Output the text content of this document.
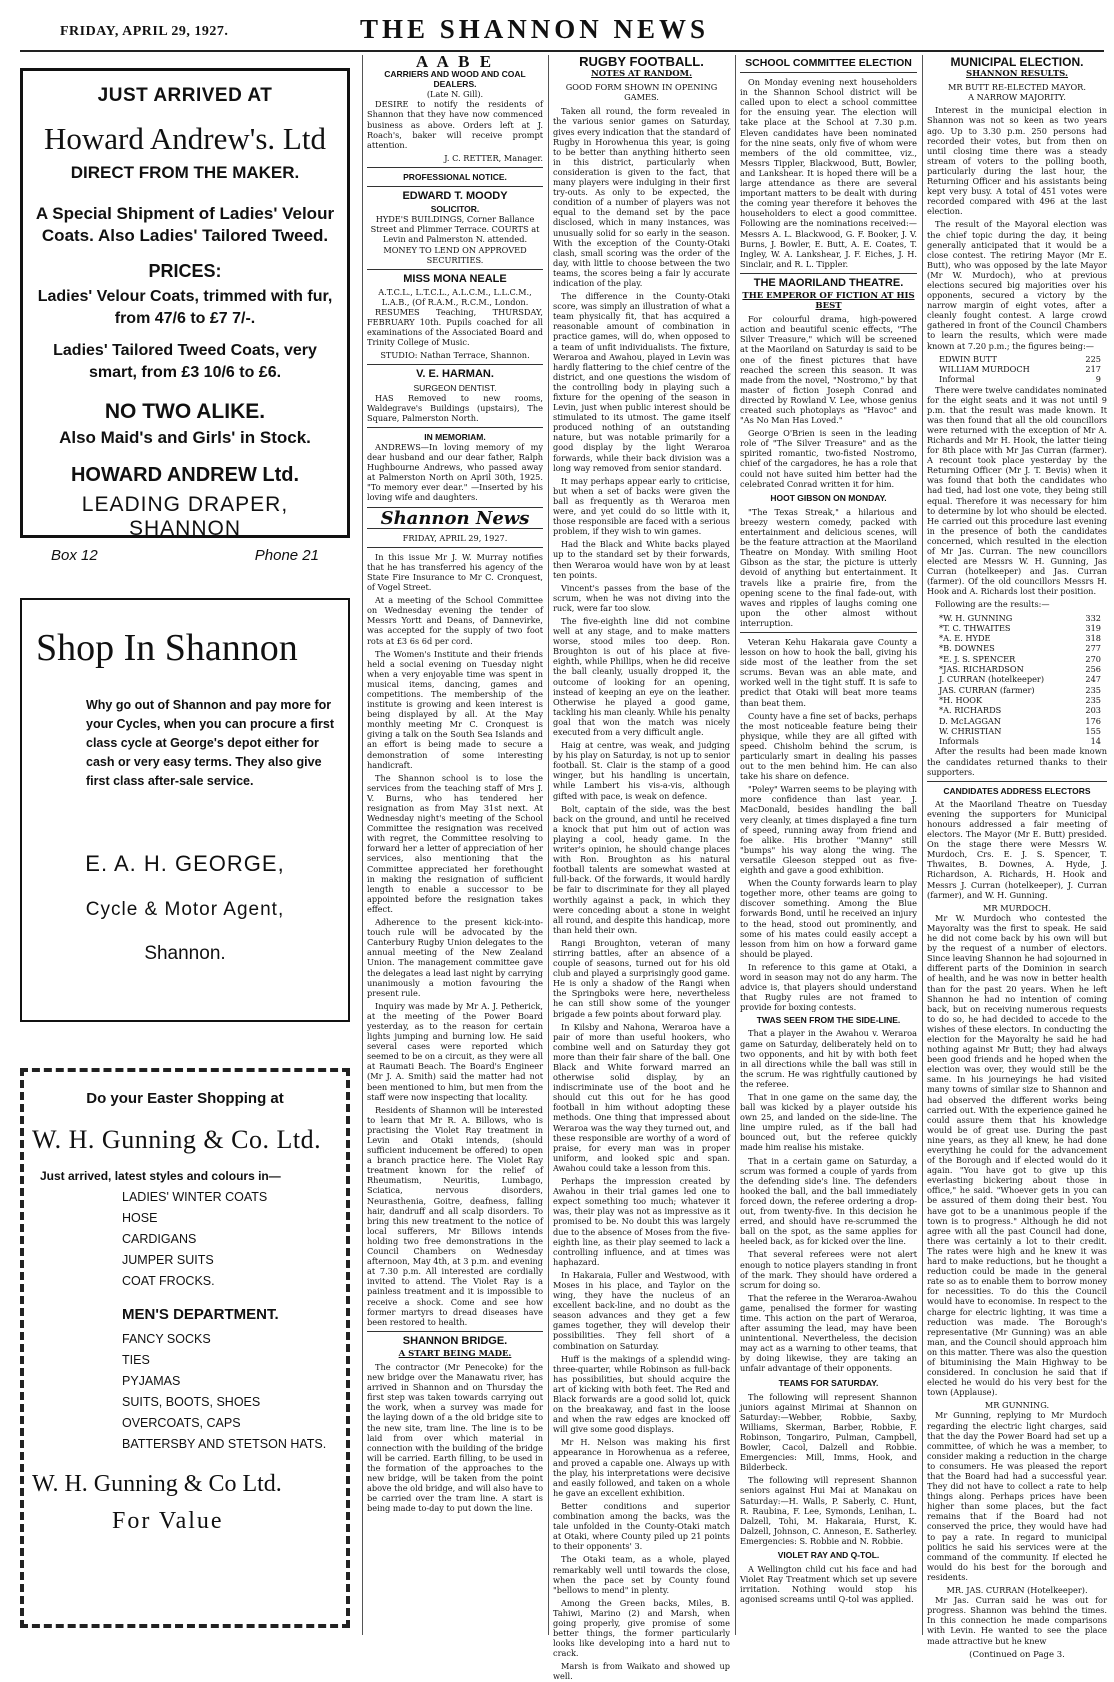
FRIDAY, APRIL 29, 1927.	THE SHANNON NEWS
JUST ARRIVED AT
Howard Andrew's. Ltd
DIRECT FROM THE MAKER.
A Special Shipment of Ladies' Velour Coats. Also Ladies' Tailored Tweed.
PRICES:
Ladies' Velour Coats, trimmed with fur, from 47/6 to £7 7/-.
Ladies' Tailored Tweed Coats, very smart, from £3 10/6 to £6.
NO TWO ALIKE.
Also Maid's and Girls' in Stock.
HOWARD ANDREW Ltd.
LEADING DRAPER, SHANNON
Box 12	Phone 21
Shop In Shannon
Why go out of Shannon and pay more for your Cycles, when you can procure a first class cycle at George's depot either for cash or very easy terms. They also give first class after-sale service.
E. A. H. GEORGE,
Cycle & Motor Agent,
Shannon.
Do your Easter Shopping at
W. H. Gunning & Co. Ltd.
Just arrived, latest styles and colours in—
LADIES' WINTER COATS
HOSE
CARDIGANS
JUMPER SUITS
COAT FROCKS.
MEN'S DEPARTMENT.
FANCY SOCKS
TIES
PYJAMAS
SUITS, BOOTS, SHOES
OVERCOATS, CAPS
BATTERSBY AND STETSON HATS.
W. H. Gunning & Co Ltd.
For Value
A A B E
CARRIERS AND WOOD AND COAL DEALERS.
(Late N. Gill).

DESIRE to notify the residents of Shannon that they have now commenced business as above. Orders left at J. Roach's, baker will receive prompt attention.

J. C. RETTER, Manager.
PROFESSIONAL NOTICE.
EDWARD T. MOODY
SOLICITOR.

HYDE'S BUILDINGS, Corner Ballance Street and Plimmer Terrace. COURTS at Levin and Palmerston N. attended. MONEY TO LEND ON APPROVED SECURITIES.

MISS MONA NEALE
A.T.C.L., L.T.C.L., A.L.C.M., L.L.C.M., L.A.B., (Of R.A.M., R.C.M., London.

RESUMES Teaching, THURSDAY, FEBRUARY 10th. Pupils coached for all examinations of the Associated Board and Trinity College of Music.

STUDIO: Nathan Terrace, Shannon.
V. E. HARMAN.
SURGEON DENTIST.

HAS Removed to new rooms, Waldegrave's Buildings (upstairs), The Square, Palmerston North.

IN MEMORIAM.

ANDREWS—In loving memory of my dear husband and our dear father, Ralph Hughbourne Andrews, who passed away at Palmerston North on April 30th, 1925. "To memory ever dear." —Inserted by his loving wife and daughters.

Shannon News
FRIDAY, APRIL 29, 1927.

In this issue Mr J. W. Murray notifies that he has transferred his agency of the State Fire Insurance to Mr C. Cronquest, of Vogel Street.

At a meeting of the School Committee on Wednesday evening the tender of Messrs Yortt and Deans, of Dannevirke, was accepted for the supply of two foot rots at £3 6s 6d per cord.

The Women's Institute and their friends held a social evening on Tuesday night when a very enjoyable time was spent in musical items, dancing, games and competitions. The membership of the institute is growing and keen interest is being displayed by all. At the May monthly meeting Mr C. Cronquest is giving a talk on the South Sea Islands and an effort is being made to secure a demonstration of some interesting handicraft.

The Shannon school is to lose the services from the teaching staff of Mrs J. V. Burns, who has tendered her resignation as from May 31st next. At Wednesday night's meeting of the School Committee the resignation was received with regret, the Committee resolving to forward her a letter of appreciation of her services, also mentioning that the Committee appreciated her forethought in making the resignation of sufficient length to enable a successor to be appointed before the resignation takes effect.

Adherence to the present kick-into-touch rule will be advocated by the Canterbury Rugby Union delegates to the annual meeting of the New Zealand Union. The management committee gave the delegates a lead last night by carrying unanimously a motion favouring the present rule.

Inquiry was made by Mr A. J. Petherick, at the meeting of the Power Board yesterday, as to the reason for certain lights jumping and burning low. He said several cases were reported which seemed to be on a circuit, as they were all at Raumati Beach. The Board's Engineer (Mr J. A. Smith) said the matter had not been mentioned to him, but men from the staff were now inspecting that locality.

Residents of Shannon will be interested to learn that Mr R. A. Billows, who is practising the Violet Ray treatment in Levin and Otaki intends, (should sufficient inducement be offered) to open a branch practice here. The Violet Ray treatment known for the relief of Rheumatism, Neuritis, Lumbago, Sciatica, nervous disorders, Neurasthenia, Goitre, deafness, falling hair, dandruff and all scalp disorders. To bring this new treatment to the notice of local sufferers, Mr Billows intends holding two free demonstrations in the Council Chambers on Wednesday afternoon, May 4th, at 3 p.m. and evening at 7.30 p.m. All interested are cordially invited to attend. The Violet Ray is a painless treatment and it is impossible to receive a shock. Come and see how former martyrs to dread diseases have been restored to health.

SHANNON BRIDGE.
A START BEING MADE.

The contractor (Mr Penecoke) for the new bridge over the Manawatu river, has arrived in Shannon and on Thursday the first step was taken towards carrying out the work, when a survey was made for the laying down of a the old bridge site to the new site, tram line. The line is to be laid from over which material in connection with the building of the bridge will be carried. Earth filling, to be used in the formation of the approaches to the new bridge, will be taken from the point above the old bridge, and will also have to be carried over the tram line. A start is being made to-day to put down the line.

RUGBY FOOTBALL.
NOTES AT RANDOM.
GOOD FORM SHOWN IN OPENING GAMES.

Taken all round, the form revealed in the various senior games on Saturday, gives every indication that the standard of Rugby in Horowhenua this year, is going to be better than anything hitherto seen in this district, particularly when consideration is given to the fact, that many players were indulging in their first try-outs. As only to be expected, the condition of a number of players was not equal to the demand set by the pace disclosed, which in many instances, was unusually solid for so early in the season. With the exception of the County-Otaki clash, small scoring was the order of the day, with little to choose between the two teams, the scores being a fair ly accurate indication of the play.

The difference in the County-Otaki score, was simply an illustration of what a team physically fit, that has acquired a reasonable amount of combination in practice games, will do, when opposed to a team of unfit individualists. The fixture, Weraroa and Awahou, played in Levin was hardly flattering to the chief centre of the district, and one questions the wisdom of the controlling body in playing such a fixture for the opening of the season in Levin, just when public interest should be stimulated to its utmost. The game itself produced nothing of an outstanding nature, but was notable primarily for a good display by the light Weraroa forwards, while their back division was a long way removed from senior standard.

It may perhaps appear early to criticise, but when a set of backs were given the ball as frequently as th Weraroa men were, and yet could do so little with it, those responsible are faced with a serious problem, if they wish to win games.

Had the Black and White backs played up to the standard set by their forwards, then Weraroa would have won by at least ten points.

Vincent's passes from the base of the scrum, when he was not diving into the ruck, were far too slow.

The five-eighth line did not combine well at any stage, and to make matters worse, stood miles too deep. Ron. Broughton is out of his place at five-eighth, while Phillips, when he did receive the ball cleanly, usually dropped it, the outcome of looking for an opening, instead of keeping an eye on the leather. Otherwise he played a good game, tackling his man cleanly. While his penalty goal that won the match was nicely executed from a very difficult angle.

Haig at centre, was weak, and judging by his play on Saturday, is not up to senior football. St. Clair is the stamp of a good winger, but his handling is uncertain, while Lambert his vis-a-vis, although gifted with pace, is weak on defence.

Bolt, captain of the side, was the best back on the ground, and until he received a knock that put him out of action was playing a cool, heady game. In the writer's opinion, he should change places with Ron. Broughton as his natural football talents are somewhat wasted at full-back. Of the forwards, it would hardly be fair to discriminate for they all played worthily against a pack, in which they were conceding about a stone in weight all round, and despite this handicap, more than held their own.

Rangi Broughton, veteran of many stirring battles, after an absence of a couple of seasons, turned out for his old club and played a surprisingly good game. He is only a shadow of the Rangi when the Springboks were here, nevertheless he can still show some of the younger brigade a few points about forward play.

In Kilsby and Nahona, Weraroa have a pair of more than useful hookers, who combine well and on Saturday they got more than their fair share of the ball. One Black and White forward marred an otherwise solid display, by an indiscriminate use of the boot and he should cut this out for he has good football in him without adopting these methods. One thing that impressed about Weraroa was the way they turned out, and these responsible are worthy of a word of praise, for every man was in proper uniform, and looked spic and span. Awahou could take a lesson from this.

Perhaps the impression created by Awahou in their trial games led one to expect something too much; whatever it was, their play was not as impressive as it promised to be. No doubt this was largely due to the absence of Moses from the five-eighth line, as their play seemed to lack a controlling influence, and at times was haphazard.

In Hakaraia, Fuller and Westwood, with Moses in his place, and Taylor on the wing, they have the nucleus of an excellent back-line, and no doubt as the season advances and they get a few games together, they will develop their possibilities. They fell short of a combination on Saturday.

Huff is the makings of a splendid wing-three-quarter, while Robinson as full-back has possibilities, but should acquire the art of kicking with both feet. The Red and Black forwards are a good solid lot, quick on the breakaway, and fast in the loose and when the raw edges are knocked off will give some good displays.

Mr H. Nelson was making his first appearance in Horowhenua as a referee, and proved a capable one. Always up with the play, his interpretations were decisive and easily followed, and taken on a whole he gave an excellent exhibition.

Better conditions and superior combination among the backs, was the tale unfolded in the County-Otaki match at Otaki, where County piled up 21 points to their opponents' 3.

The Otaki team, as a whole, played remarkably well until towards the close, when the pace set by County found "bellows to mend" in plenty.

Among the Green backs, Miles, B. Tahiwi, Marino (2) and Marsh, when going properly, give promise of some better things, the former particularly looks like developing into a hard nut to crack.

Marsh is from Waikato and showed up well.

SCHOOL COMMITTEE ELECTION

On Monday evening next householders in the Shannon School district will be called upon to elect a school committee for the ensuing year. The election will take place at the School at 7.30 p.m. Eleven candidates have been nominated for the nine seats, only five of whom were members of the old committee, viz., Messrs Tippler, Blackwood, Butt, Bowler, and Lankshear. It is hoped there will be a large attendance as there are several important matters to be dealt with during the coming year therefore it behoves the householders to elect a good committee. Following are the nominations received:—Messrs A. L. Blackwood, G. F. Booker, J. V. Burns, J. Bowler, E. Butt, A. E. Coates, T. Ingley, W. A. Lankshear, J. F. Eiches, J. H. Sinclair, and R. L. Tippler.

THE MAORILAND THEATRE.
THE EMPEROR OF FICTION AT HIS BEST

For colourful drama, high-powered action and beautiful scenic effects, "The Silver Treasure," which will be screened at the Maoriland on Saturday is said to be one of the finest pictures that have reached the screen this season. It was made from the novel, "Nostromo," by that master of fiction Joseph Conrad and directed by Rowland V. Lee, whose genius created such photoplays as "Havoc" and "As No Man Has Loved."

George O'Brien is seen in the leading role of "The Silver Treasure" and as the spirited romantic, two-fisted Nostromo, chief of the cargadores, he has a role that could not have suited him better had the celebrated Conrad written it for him.

HOOT GIBSON ON MONDAY.

"The Texas Streak," a hilarious and breezy western comedy, packed with entertainment and delicious scenes, will be the feature attraction at the Maoriland Theatre on Monday. With smiling Hoot Gibson as the star, the picture is utterly devoid of anything but entertainment. It travels like a prairie fire, from the opening scene to the final fade-out, with waves and ripples of laughs coming one upon the other almost without interruption.

Veteran Kehu Hakaraia gave County a lesson on how to hook the ball, giving his side most of the leather from the set scrums. Bevan was an able mate, and worked well in the tight stuff. It is safe to predict that Otaki will beat more teams than beat them.

County have a fine set of backs, perhaps the most noticeable feature being their physique, while they are all gifted with speed. Chisholm behind the scrum, is particularly smart in dealing his passes out to the men behind him. He can also take his share on defence.

"Poley" Warren seems to be playing with more confidence than last year. J. MacDonald, besides handling the ball very cleanly, at times displayed a fine turn of speed, running away from friend and foe alike. His brother "Manny" still "bumps" his way along the wing. The versatile Gleeson stepped out as five-eighth and gave a good exhibition.

When the County forwards learn to play together more, other teams are going to discover something. Among the Blue forwards Bond, until he received an injury to the head, stood out prominently, and some of his mates could easily accept a lesson from him on how a forward game should be played.

In reference to this game at Otaki, a word in season may not do any harm. The advice is, that players should understand that Rugby rules are not framed to provide for boxing contests.

TWAS SEEN FROM THE SIDE-LINE.

That a player in the Awahou v. Weraroa game on Saturday, deliberately held on to two opponents, and hit by with both feet in all directions while the ball was still in the scrum. He was rightfully cautioned by the referee.

That in one game on the same day, the ball was kicked by a player outside his own 25, and landed on the side-line. The line umpire ruled, as if the ball had bounced out, but the referee quickly made him realise his mistake.

That in a certain game on Saturday, a scrum was formed a couple of yards from the defending side's line. The defenders hooked the ball, and the ball immediately forced down, the referee ordering a drop-out, from twenty-five. In this decision he erred, and should have re-scrummed the ball on the spot, as the same applies for heeled back, as for kicked over the line.

That several referees were not alert enough to notice players standing in front of the mark. They should have ordered a scrum for doing so.

That the referee in the Weraroa-Awahou game, penalised the former for wasting time. This action on the part of Weraroa, after assuming the lead, may have been unintentional. Nevertheless, the decision may act as a warning to other teams, that by doing likewise, they are taking an unfair advantage of their opponents.

TEAMS FOR SATURDAY.

The following will represent Shannon juniors against Mirimai at Shannon on Saturday:—Webber, Robbie, Saxby, Williams, Skerman, Barber, Robbie, F. Robinson, Tongariro, Pulman, Campbell, Bowler, Cacol, Dalzell and Robbie. Emergencies: Mill, Imms, Hook, and Bilderbeck.

The following will represent Shannon seniors against Hui Mai at Manakau on Saturday:—H. Walls, P. Saberly, C. Hunt, R. Raubina, F. Lee, Symonds, Lenihan, L. Dalzell, Tohi, M. Hakaraia, Hurst, K. Dalzell, Johnson, C. Anneson, E. Satherley. Emergencies: S. Robbie and N. Robbie.

VIOLET RAY AND Q-TOL.

A Wellington child cut his face and had Violet Ray Treatment which set up severe irritation. Nothing would stop his agonised screams until Q-tol was applied.

MUNICIPAL ELECTION.
SHANNON RESULTS.
MR BUTT RE-ELECTED MAYOR.
A NARROW MAJORITY.

Interest in the municipal election in Shannon was not so keen as two years ago. Up to 3.30 p.m. 250 persons had recorded their votes, but from then on until closing time there was a steady stream of voters to the polling booth, particularly during the last hour, the Returning Officer and his assistants being kept very busy. A total of 451 votes were recorded compared with 496 at the last election.

The result of the Mayoral election was the chief topic during the day, it being generally anticipated that it would be a close contest. The retiring Mayor (Mr E. Butt), who was opposed by the late Mayor (Mr W. Murdoch), who at previous elections secured big majorities over his opponents, secured a victory by the narrow margin of eight votes, after a cleanly fought contest. A large crowd gathered in front of the Council Chambers to learn the results, which were made known at 7.20 p.m.; the figures being:—

EDWIN BUTT	225
WILLIAM MURDOCH	217
Informal	9

There were twelve candidates nominated for the eight seats and it was not until 9 p.m. that the result was made known. It was then found that all the old councillors were returned with the exception of Mr A. Richards and Mr H. Hook, the latter tieing for 8th place with Mr Jas Curran (farmer). A recount took place yesterday by the Returning Officer (Mr J. T. Bevis) when it was found that both the candidates who had tied, had lost one vote, they being still equal. Therefore it was necessary for him to determine by lot who should be elected. He carried out this procedure last evening in the presence of both the candidates concerned, which resulted in the election of Mr Jas. Curran. The new councillors elected are Messrs W. H. Gunning, Jas Curran (hotelkeeper) and Jas. Curran (farmer). Of the old councillors Messrs H. Hook and A. Richards lost their position.

Following are the results:—

*W. H. GUNNING	332
*T. C. THWAITES	319
*A. E. HYDE	318
*B. DOWNES	277
*E. J. S. SPENCER	270
*JAS. RICHARDSON	256
J. CURRAN (hotelkeeper)	247
JAS. CURRAN (farmer)	235
*H. HOOK	235
*A. RICHARDS	203
D. McLAGGAN	176
W. CHRISTIAN	155
Informals	14

After the results had been made known the candidates returned thanks to their supporters.

CANDIDATES ADDRESS ELECTORS

At the Maoriland Theatre on Tuesday evening the supporters for Municipal honours addressed a fair meeting of electors. The Mayor (Mr E. Butt) presided. On the stage there were Messrs W. Murdoch, Crs. E. J. S. Spencer, T. Thwaites, B. Downes, A. Hyde, J. Richardson, A. Richards, H. Hook and Messrs J. Curran (hotelkeeper), J. Curran (farmer), and W. H. Gunning.

MR MURDOCH.

Mr W. Murdoch who contested the Mayoralty was the first to speak. He said he did not come back by his own will but by the request of a number of electors. Since leaving Shannon he had sojourned in different parts of the Dominion in search of health, and he was now in better health than for the past 20 years. When he left Shannon he had no intention of coming back, but on receiving numerous requests to do so, he had decided to accede to the wishes of these electors. In conducting the election for the Mayoralty he said he had nothing against Mr Butt; they had always been good friends and he hoped when the election was over, they would still be the same. In his journeyings he had visited many towns of similar size to Shannon and had observed the different works being carried out. With the experience gained he could assure them that his knowledge would be of great use. During the past nine years, as they all knew, he had done everything he could for the advancement of the Borough and if elected would do it again. "You have got to give up this everlasting bickering about those in office," he said. "Whoever gets in you can be assured of them doing their best. You have got to be a unanimous people if the town is to progress." Although he did not agree with all the past Council had done, there was certainly a lot to their credit. The rates were high and he knew it was hard to make reductions, but he thought a reduction could be made in the general rate so as to enable them to borrow money for necessities. To do this the Council would have to economise. In respect to the charge for electric lighting, it was time a reduction was made. The Borough's representative (Mr Gunning) was an able man, and the Council should approach him on this matter. There was also the question of bituminising the Main Highway to be considered. In conclusion he said that if elected he would do his very best for the town (Applause).

MR GUNNING.

Mr Gunning, replying to Mr Murdoch regarding the electric light charges, said that the day the Power Board had set up a committee, of which he was a member, to consider making a reduction in the charge to consumers. He was pleased the report that the Board had had a successful year. They did not have to collect a rate to help things along. Perhaps prices have been higher than some places, but the fact remains that if the Board had not conserved the price, they would have had to pay a rate. In regard to municipal politics he said his services were at the command of the community. If elected he would do his best for the borough and residents.

MR. JAS. CURRAN (Hotelkeeper).

Mr Jas. Curran said he was out for progress. Shannon was behind the times. In this connection he made comparisons with Levin. He wanted to see the place made attractive but he knew

(Continued on Page 3.
